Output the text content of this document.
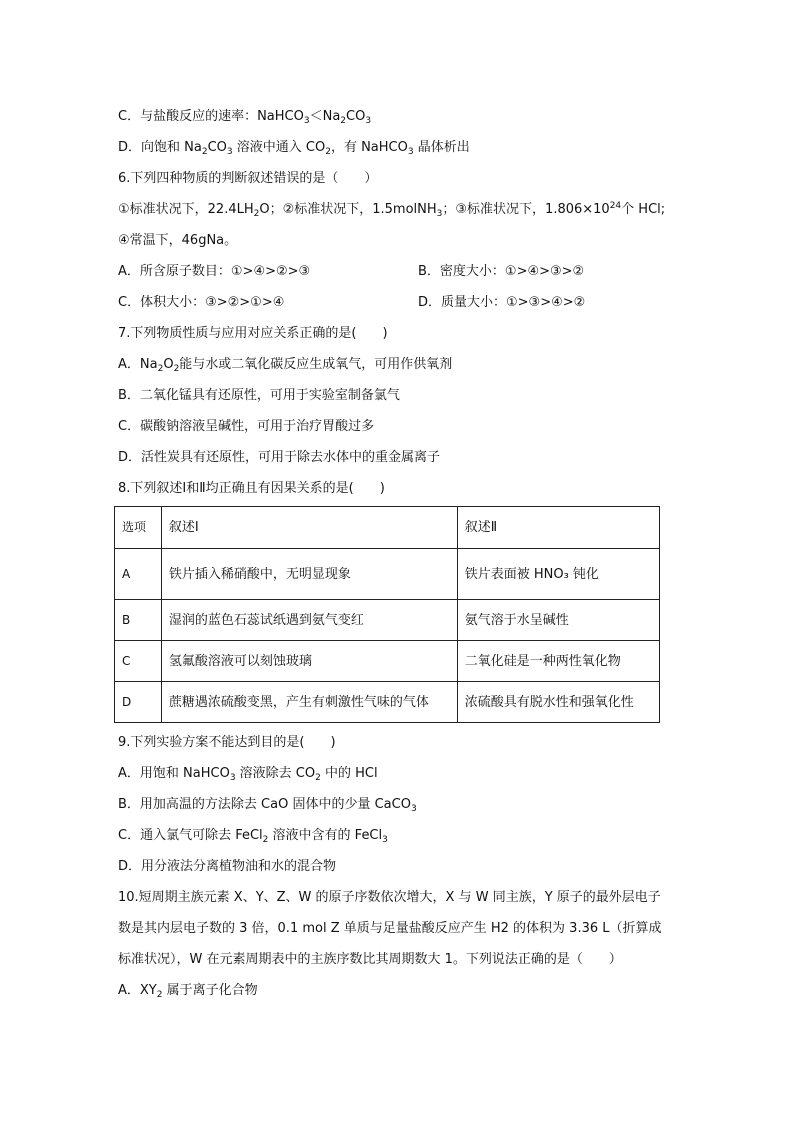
C．与盐酸反应的速率：$NaHCO_3<Na_2CO_3$
D．向饱和 $Na_2CO_3$ 溶液中通入 $CO_2$，有 NaHCO$_3$ 晶体析出
6.下列四种物质的判断叙述错误的是（　　）
①标准状况下，$22.4LH_2O$；②标准状况下，1.5molNH$_3$；③标准状况下，$1.806\times 10^{24}$个 HCl;
④常温下，46gNa。
A．所含原子数目：①>④>②>③	B．密度大小：①>④>③>②
C．体积大小：③>②>①>④	D．质量大小：①>③>④>②
7.下列物质性质与应用对应关系正确的是(　　)
A．$Na_2O_2$能与水或二氧化碳反应生成氧气，可用作供氧剂
B．二氧化锰具有还原性，可用于实验室制备氯气
C．碳酸钠溶液呈碱性，可用于治疗胃酸过多
D．活性炭具有还原性，可用于除去水体中的重金属离子
8.下列叙述Ⅰ和Ⅱ均正确且有因果关系的是(　　)
选项	叙述Ⅰ	叙述Ⅱ
A	铁片插入稀硝酸中，无明显现象	铁片表面被 HNO₃ 钝化
B	湿润的蓝色石蕊试纸遇到氨气变红	氨气溶于水呈碱性
C	氢氟酸溶液可以刻蚀玻璃	二氧化硅是一种两性氧化物
D	蔗糖遇浓硫酸变黑，产生有刺激性气味的气体	浓硫酸具有脱水性和强氧化性
9.下列实验方案不能达到目的是(　　)
A．用饱和 NaHCO$_3$ 溶液除去 $CO_2$ 中的 HCl
B．用加高温的方法除去 CaO 固体中的少量 CaCO$_3$
C．通入氯气可除去 FeCl$_2$ 溶液中含有的 FeCl$_3$
D．用分液法分离植物油和水的混合物
10.短周期主族元素 X、Y、Z、W 的原子序数依次增大，X 与 W 同主族，Y 原子的最外层电子
数是其内层电子数的 3 倍，0.1 mol Z 单质与足量盐酸反应产生 H2 的体积为 3.36 L（折算成
标准状况），W 在元素周期表中的主族序数比其周期数大 1。下列说法正确的是（　　）
A．$XY_2$ 属于离子化合物
